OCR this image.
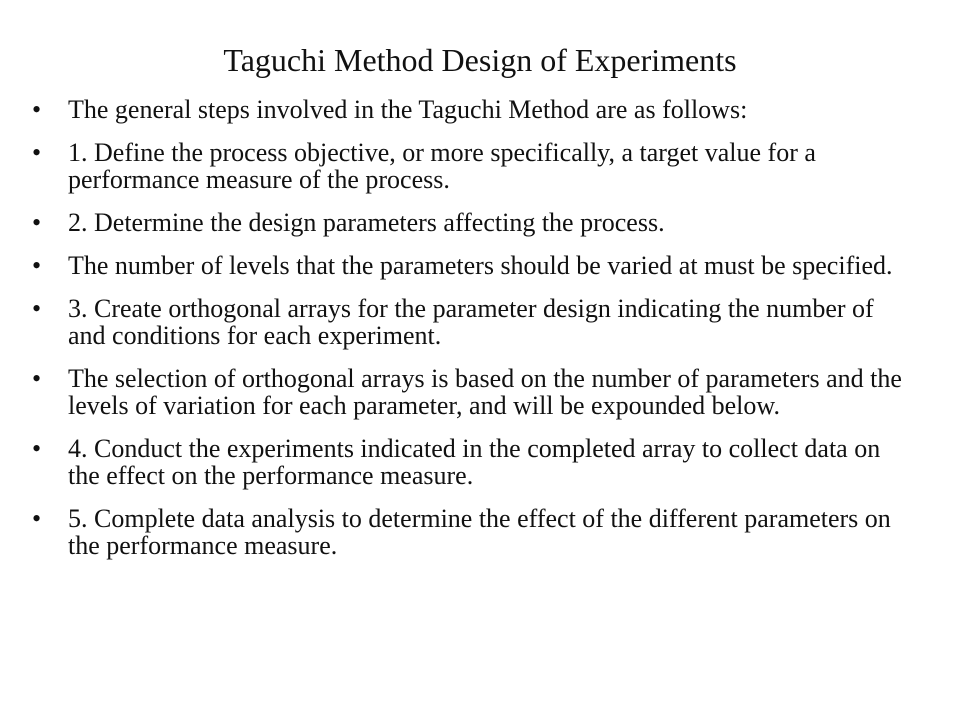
Taguchi Method Design of Experiments
•	The general steps involved in the Taguchi Method are as follows:
•	1. Define the process objective, or more specifically, a target value for a performance measure of the process.
•	2. Determine the design parameters affecting the process.
•	The number of levels that the parameters should be varied at must be specified.
•	3. Create orthogonal arrays for the parameter design indicating the number of and conditions for each experiment.
•	The selection of orthogonal arrays is based on the number of parameters and the levels of variation for each parameter, and will be expounded below.
•	4. Conduct the experiments indicated in the completed array to collect data on the effect on the performance measure.
•	5. Complete data analysis to determine the effect of the different parameters on the performance measure.
